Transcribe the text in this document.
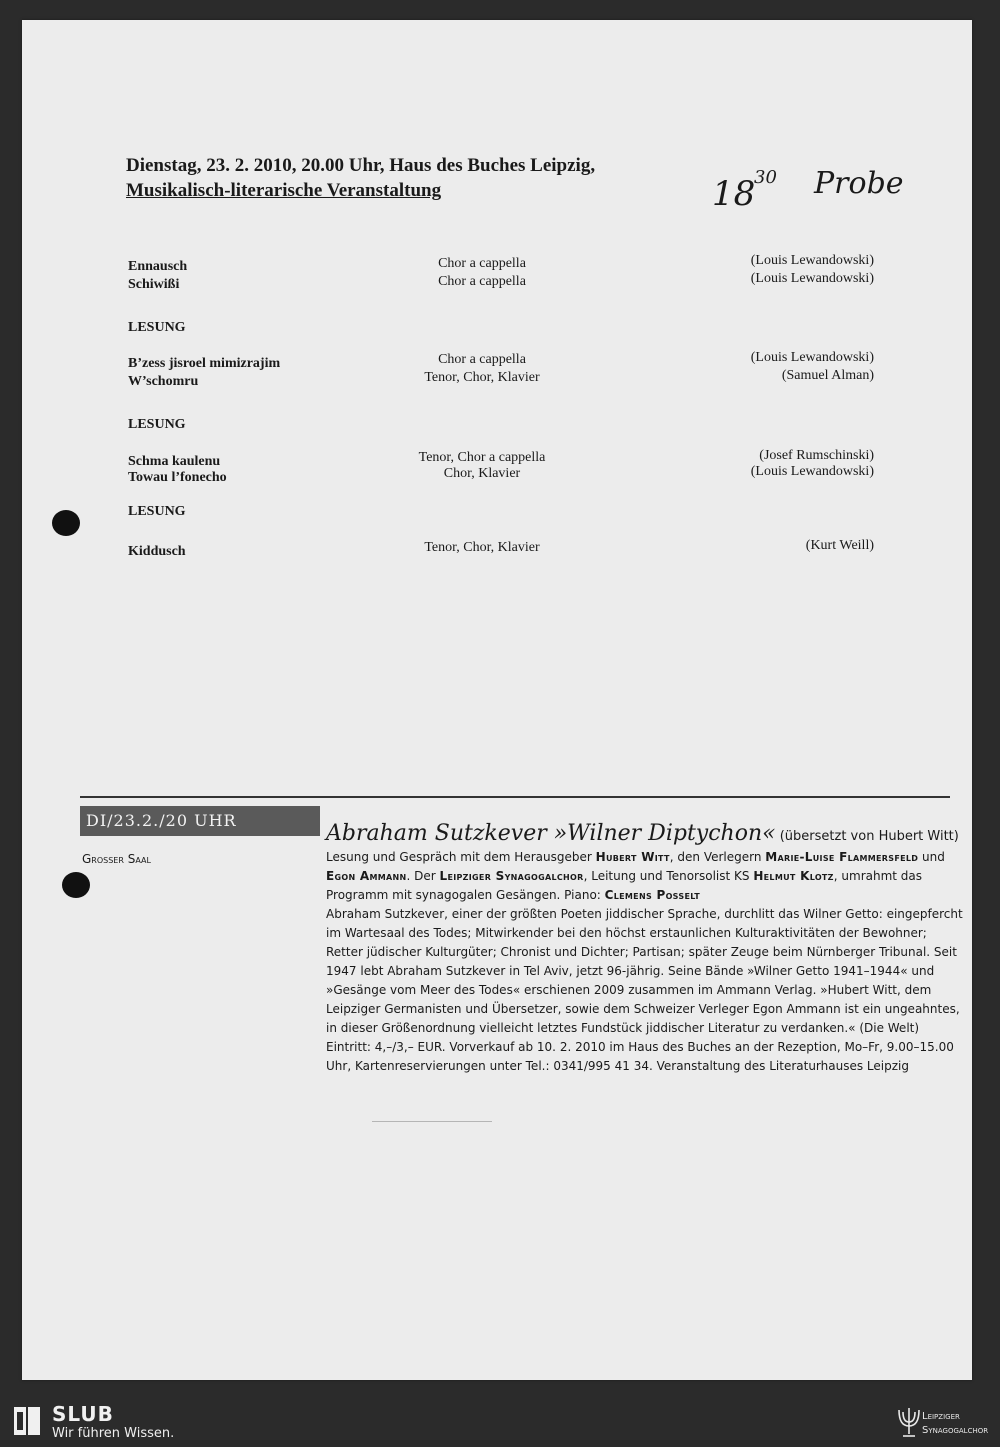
Dienstag, 23. 2. 2010, 20.00 Uhr, Haus des Buches Leipzig,
Musikalisch-literarische Veranstaltung	18
30 Probe
Ennausch	Chor a cappella	(Louis Lewandowski)
Schiwißi	Chor a cappella	(Louis Lewandowski)
LESUNG
B’zess jisroel mimizrajim	Chor a cappella	(Louis Lewandowski)
W’schomru	Tenor, Chor, Klavier	(Samuel Alman)
LESUNG
Schma kaulenu	Tenor, Chor a cappella	(Josef Rumschinski)
Towau l’fonecho	Chor, Klavier	(Louis Lewandowski)
LESUNG
Kiddusch	Tenor, Chor, Klavier	(Kurt Weill)
DI/23.2./20 UHR
Grosser Saal
Abraham Sutzkever »Wilner Diptychon« (übersetzt von Hubert Witt)

Lesung und Gespräch mit dem Herausgeber Hubert Witt, den Verlegern Marie-Luise Flammersfeld und Egon Ammann. Der Leipziger Synagogalchor, Leitung und Tenorsolist KS Helmut Klotz, umrahmt das Programm mit synagogalen Gesängen. Piano: Clemens Posselt

Abraham Sutzkever, einer der größten Poeten jiddischer Sprache, durchlitt das Wilner Getto: eingepfercht im Wartesaal des Todes; Mitwirkender bei den höchst erstaunlichen Kulturaktivitäten der Bewohner; Retter jüdischer Kulturgüter; Chronist und Dichter; Partisan; später Zeuge beim Nürnberger Tribunal. Seit 1947 lebt Abraham Sutzkever in Tel Aviv, jetzt 96-jährig. Seine Bände »Wilner Getto 1941–1944« und »Gesänge vom Meer des Todes« erschienen 2009 zusammen im Ammann Verlag. »Hubert Witt, dem Leipziger Germanisten und Übersetzer, sowie dem Schweizer Verleger Egon Ammann ist ein ungeahntes, in dieser Größenordnung vielleicht letztes Fundstück jiddischer Literatur zu verdanken.« (Die Welt)

Eintritt: 4,–/3,– EUR. Vorverkauf ab 10. 2. 2010 im Haus des Buches an der Rezeption, Mo–Fr, 9.00–15.00 Uhr, Kartenreservierungen unter Tel.: 0341/995 41 34. Veranstaltung des Literaturhauses Leipzig

SLUB
Wir führen Wissen.
Leipziger
Synagogalchor
